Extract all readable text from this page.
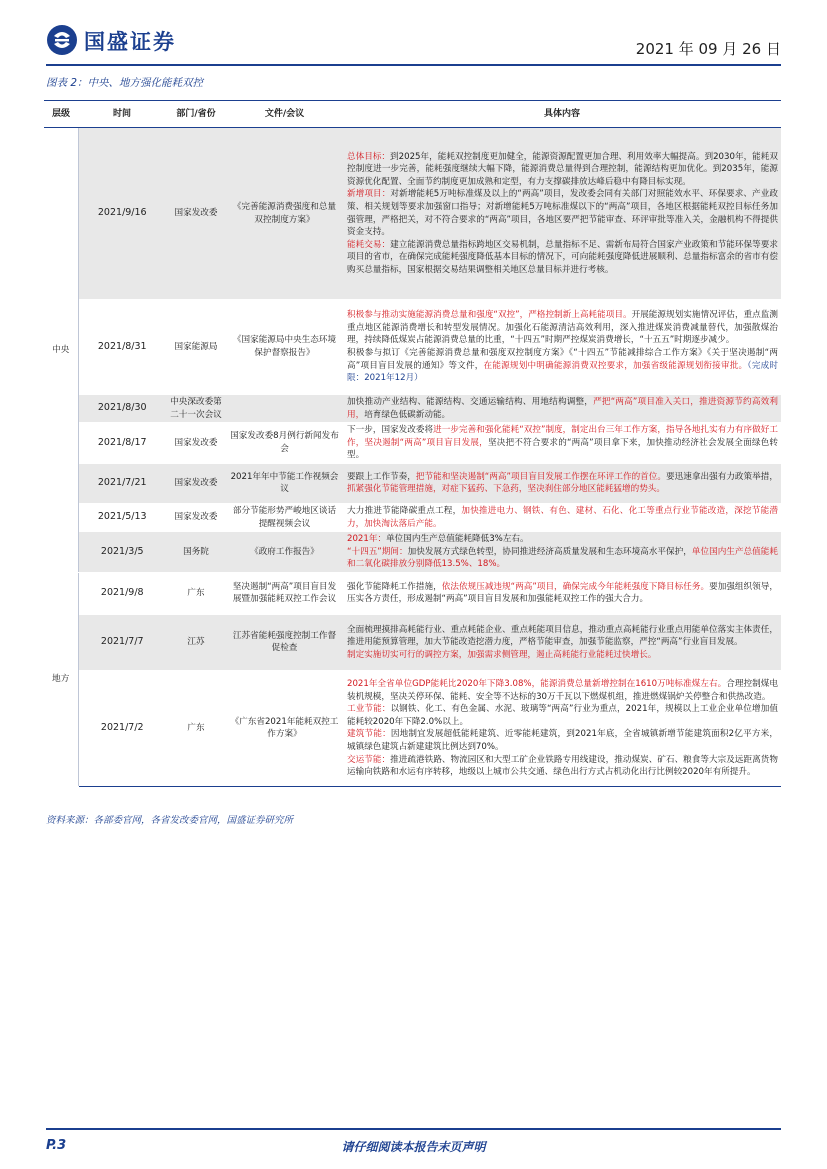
国盛证券	2021 年 09 月 26 日
图表 2：中央、地方强化能耗双控
层级	时间	部门/省份	文件/会议	具体内容
中央	2021/9/16	国家发改委	《完善能源消费强度和总量双控制度方案》	总体目标：到2025年，能耗双控制度更加健全，能源资源配置更加合理、利用效率大幅提高。到2030年，能耗双控制度进一步完善，能耗强度继续大幅下降，能源消费总量得到合理控制，能源结构更加优化。到2035年，能源资源优化配置、全面节约制度更加成熟和定型，有力支撑碳排放达峰后稳中有降目标实现。
新增项目：对新增能耗5万吨标准煤及以上的“两高”项目，发改委会同有关部门对照能效水平、环保要求、产业政策、相关规划等要求加强窗口指导；对新增能耗5万吨标准煤以下的“两高”项目，各地区根据能耗双控目标任务加强管理，严格把关，对不符合要求的“两高”项目，各地区要严把节能审查、环评审批等准入关，金融机构不得提供资金支持。
能耗交易：建立能源消费总量指标跨地区交易机制，总量指标不足、需新布局符合国家产业政策和节能环保等要求项目的省市，在确保完成能耗强度降低基本目标的情况下，可向能耗强度降低进展顺利、总量指标富余的省市有偿购买总量指标，国家根据交易结果调整相关地区总量目标并进行考核。
	2021/8/31	国家能源局	《国家能源局中央生态环境保护督察报告》	积极参与推动实施能源消费总量和强度“双控”，严格控制新上高耗能项目。开展能源规划实施情况评估，重点监测重点地区能源消费增长和转型发展情况。加强化石能源清洁高效利用，深入推进煤炭消费减量替代，加强散煤治理，持续降低煤炭占能源消费总量的比重，“十四五”时期严控煤炭消费增长，“十五五”时期逐步减少。
积极参与拟订《完善能源消费总量和强度双控制度方案》《“十四五”节能减排综合工作方案》《关于坚决遏制“两高”项目盲目发展的通知》等文件，在能源规划中明确能源消费双控要求，加强省级能源规划衔接审批。（完成时限：2021年12月）
	2021/8/30	中央深改委第二十一次会议		加快推动产业结构、能源结构、交通运输结构、用地结构调整，严把“两高”项目准入关口，推进资源节约高效利用，培育绿色低碳新动能。
	2021/8/17	国家发改委	国家发改委8月例行新闻发布会	下一步，国家发改委将进一步完善和强化能耗“双控”制度，制定出台三年工作方案，指导各地扎实有力有序做好工作，坚决遏制“两高”项目盲目发展，坚决把不符合要求的“两高”项目拿下来，加快推动经济社会发展全面绿色转型。
	2021/7/21	国家发改委	2021年年中节能工作视频会议	要跟上工作节奏，把节能和坚决遏制“两高”项目盲目发展工作摆在环评工作的首位。要迅速拿出强有力政策举措，抓紧强化节能管理措施，对症下猛药、下急药，坚决刹住部分地区能耗猛增的势头。
	2021/5/13	国家发改委	部分节能形势严峻地区谈话提醒视频会议	大力推进节能降碳重点工程，加快推进电力、钢铁、有色、建材、石化、化工等重点行业节能改造，深挖节能潜力，加快淘汰落后产能。
	2021/3/5	国务院	《政府工作报告》	2021年：单位国内生产总值能耗降低3%左右。
“十四五”期间：加快发展方式绿色转型，协同推进经济高质量发展和生态环境高水平保护，单位国内生产总值能耗和二氧化碳排放分别降低13.5%、18%。
地方	2021/9/8	广东	坚决遏制“两高”项目盲目发展暨加强能耗双控工作会议	强化节能降耗工作措施，依法依规压减违规“两高”项目，确保完成今年能耗强度下降目标任务。要加强组织领导，压实各方责任，形成遏制“两高”项目盲目发展和加强能耗双控工作的强大合力。
	2021/7/7	江苏	江苏省能耗强度控制工作督促检查	全面梳理摸排高耗能行业、重点耗能企业、重点耗能项目信息，推动重点高耗能行业重点用能单位落实主体责任，推进用能预算管理，加大节能改造挖潜力度，严格节能审查，加强节能监察，严控“两高”行业盲目发展。
制定实施切实可行的调控方案，加强需求侧管理，遏止高耗能行业能耗过快增长。
	2021/7/2	广东	《广东省2021年能耗双控工作方案》	2021年全省单位GDP能耗比2020年下降3.08%，能源消费总量新增控制在1610万吨标准煤左右。合理控制煤电装机规模，坚决关停环保、能耗、安全等不达标的30万千瓦以下燃煤机组，推进燃煤锅炉关停整合和供热改造。
工业节能：以钢铁、化工、有色金属、水泥、玻璃等“两高”行业为重点，2021年，规模以上工业企业单位增加值能耗较2020年下降2.0%以上。
建筑节能：因地制宜发展超低能耗建筑、近零能耗建筑，到2021年底，全省城镇新增节能建筑面积2亿平方米，城镇绿色建筑占新建建筑比例达到70%。
交运节能：推进疏港铁路、物流园区和大型工矿企业铁路专用线建设，推动煤炭、矿石、粮食等大宗及远距离货物运输向铁路和水运有序转移，地级以上城市公共交通、绿色出行方式占机动化出行比例较2020年有所提升。
资料来源：各部委官网，各省发改委官网，国盛证券研究所
P.3	请仔细阅读本报告末页声明
